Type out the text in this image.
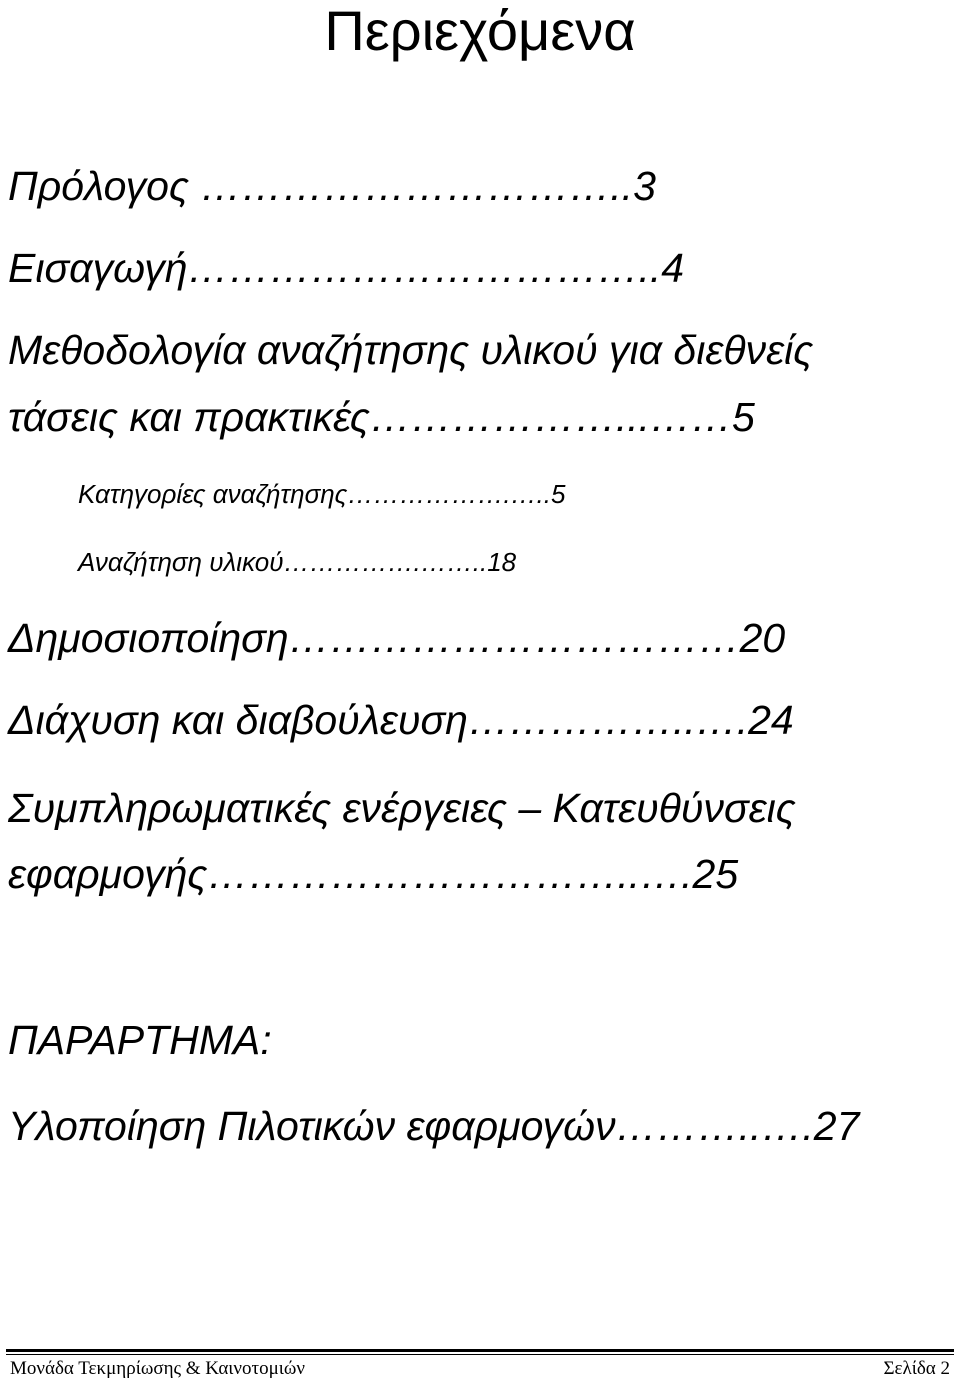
Περιεχόμενα

Πρόλογος …………………………..3

Εισαγωγή……………………………..4

Μεθοδολογία αναζήτησης υλικού για διεθνείς

τάσεις και πρακτικές………………...……5

Κατηγορίες αναζήτησης……………….…..5

Αναζήτηση υλικού…………….……..18

Δημοσιοποίηση……………………………20

Διάχυση και διαβούλευση……………..….24

Συμπληρωματικές ενέργειες – Κατευθύνσεις

εφαρμογής…………………………..….25

ΠΑΡΑΡΤΗΜΑ:

Υλοποίηση Πιλοτικών εφαρμογών………..….27

Μονάδα Τεκμηρίωσης & Καινοτομιών	Σελίδα 2
